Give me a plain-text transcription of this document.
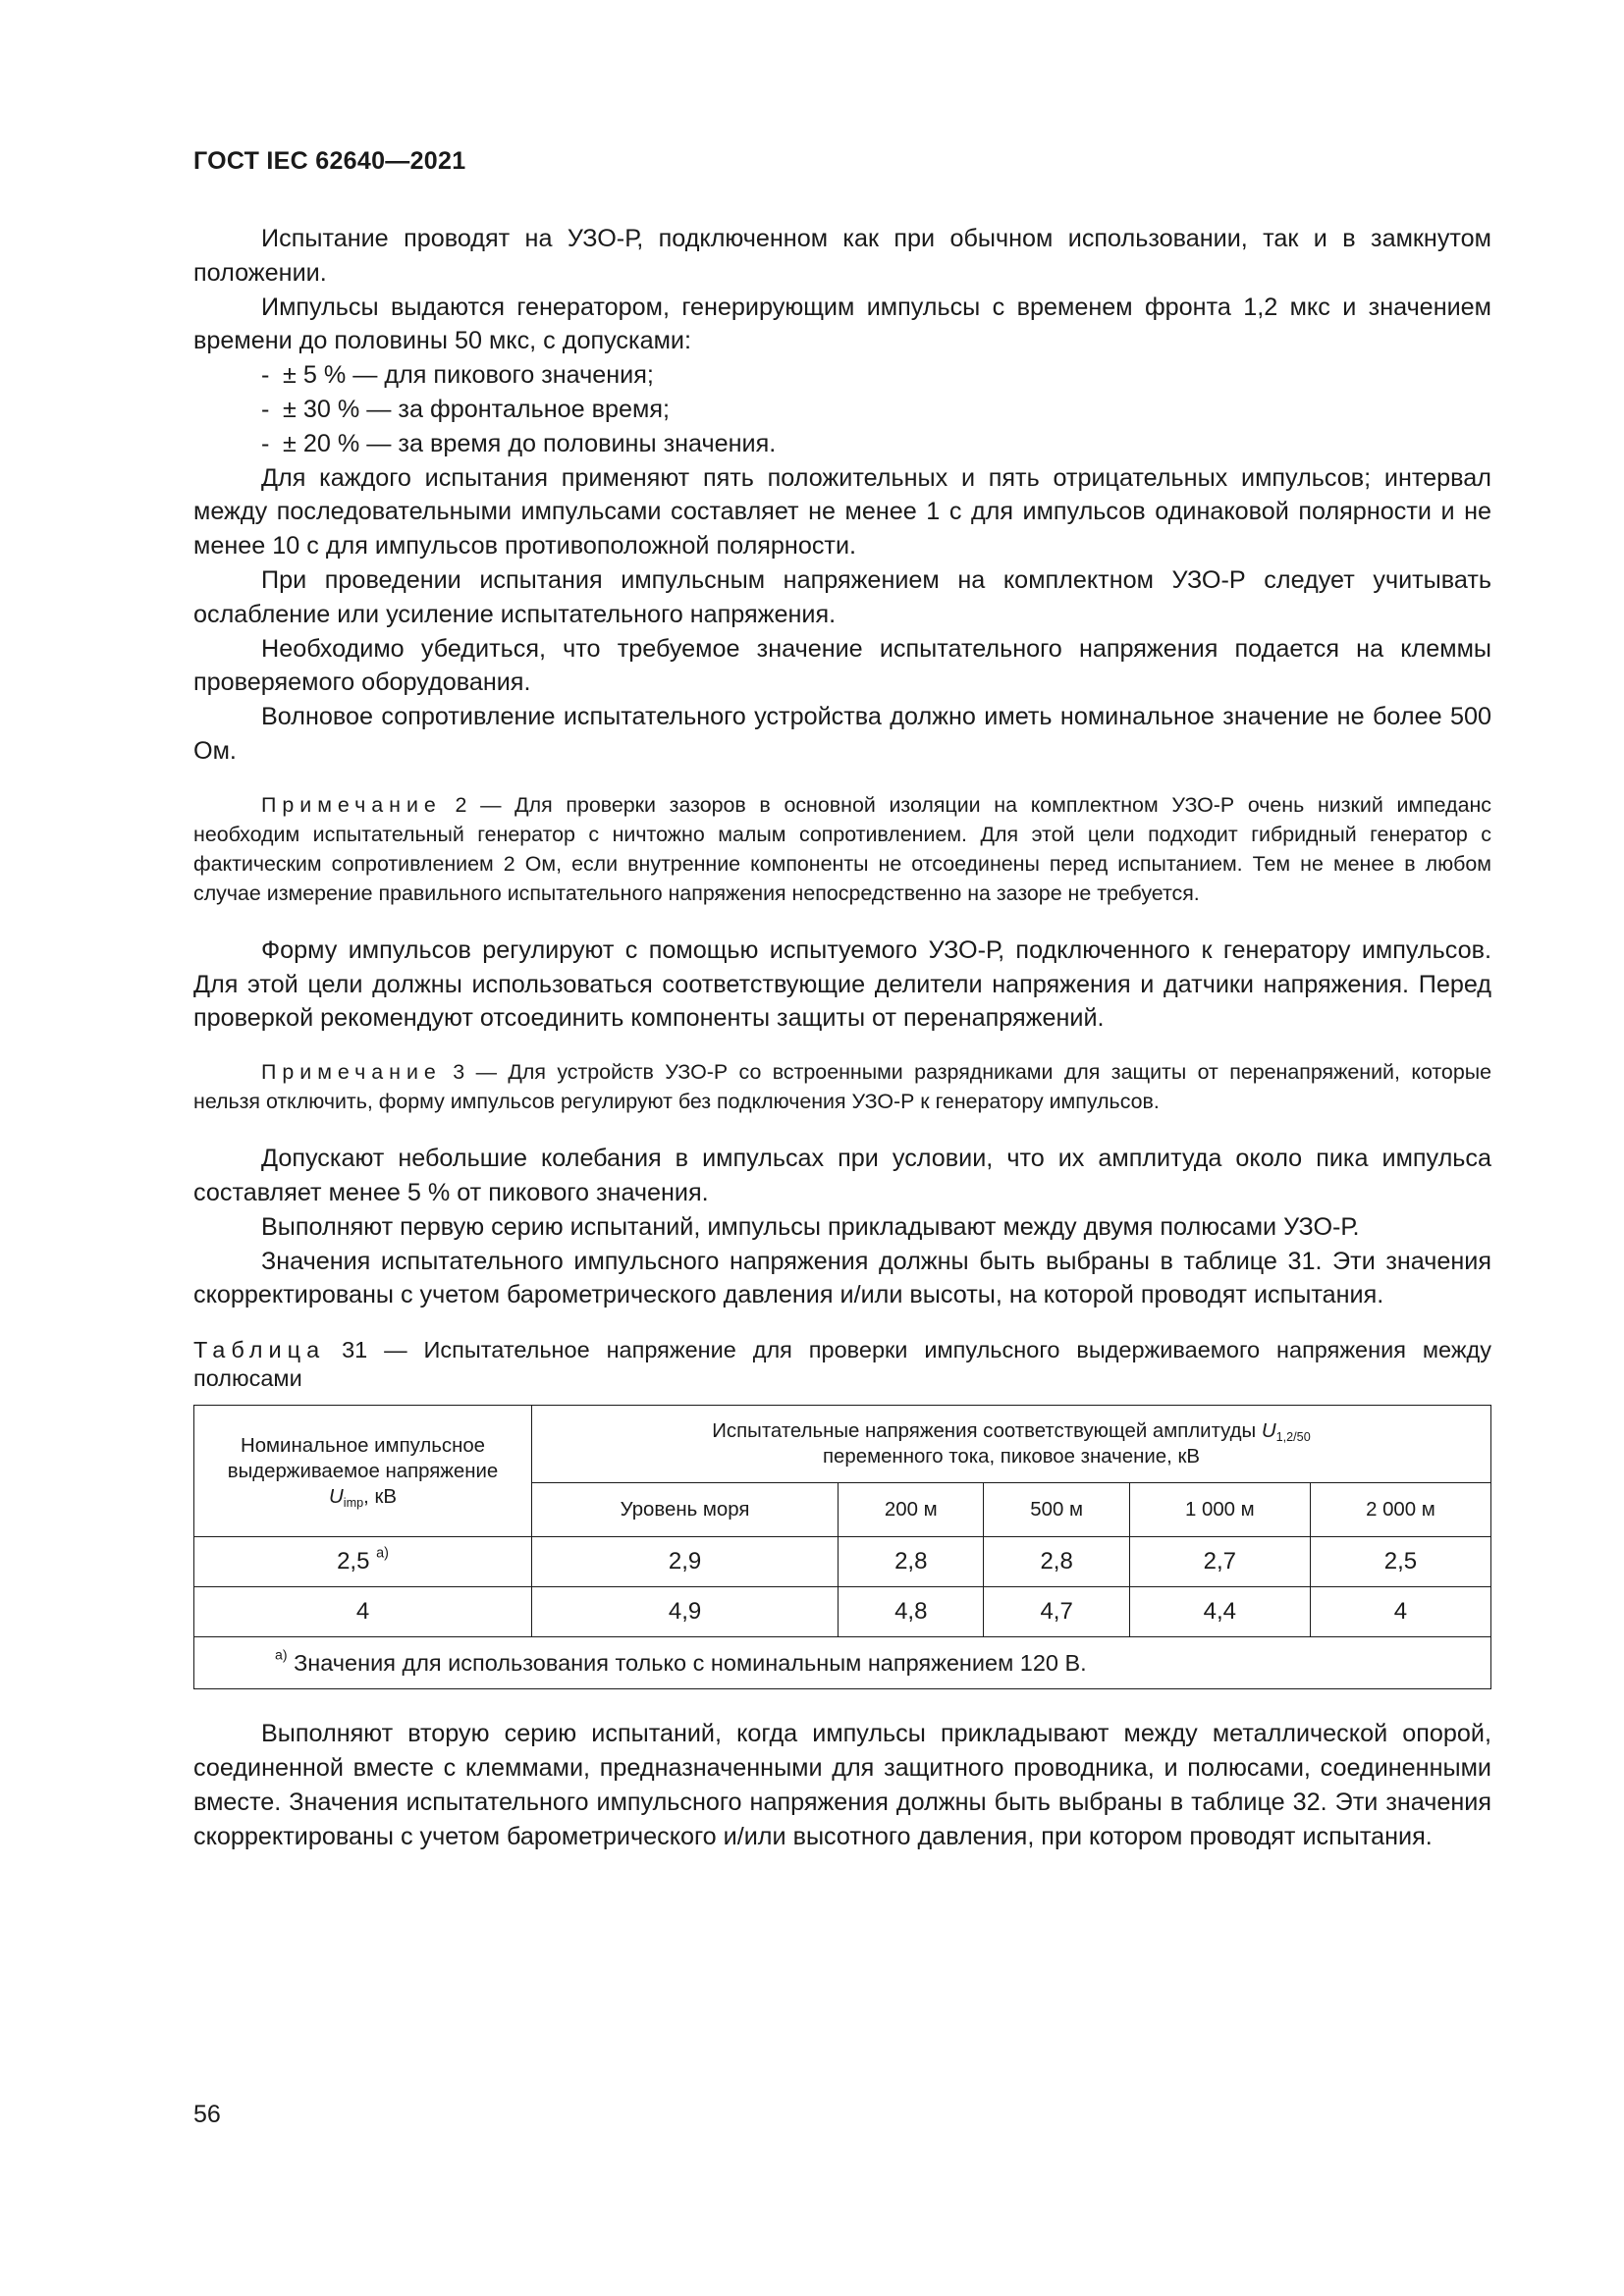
ГОСТ IEC 62640—2021

Испытание проводят на УЗО-Р, подключенном как при обычном использовании, так и в замкнутом положении.

Импульсы выдаются генератором, генерирующим импульсы с временем фронта 1,2 мкс и значением времени до половины 50 мкс, с допусками:

- ± 5 % — для пикового значения;

- ± 30 % — за фронтальное время;

- ± 20 % — за время до половины значения.

Для каждого испытания применяют пять положительных и пять отрицательных импульсов; интервал между последовательными импульсами составляет не менее 1 с для импульсов одинаковой полярности и не менее 10 с для импульсов противоположной полярности.

При проведении испытания импульсным напряжением на комплектном УЗО-Р следует учитывать ослабление или усиление испытательного напряжения.

Необходимо убедиться, что требуемое значение испытательного напряжения подается на клеммы проверяемого оборудования.

Волновое сопротивление испытательного устройства должно иметь номинальное значение не более 500 Ом.

Примечание 2 — Для проверки зазоров в основной изоляции на комплектном УЗО-Р очень низкий импеданс необходим испытательный генератор с ничтожно малым сопротивлением. Для этой цели подходит гибридный генератор с фактическим сопротивлением 2 Ом, если внутренние компоненты не отсоединены перед испытанием. Тем не менее в любом случае измерение правильного испытательного напряжения непосредственно на зазоре не требуется.

Форму импульсов регулируют с помощью испытуемого УЗО-Р, подключенного к генератору импульсов. Для этой цели должны использоваться соответствующие делители напряжения и датчики напряжения. Перед проверкой рекомендуют отсоединить компоненты защиты от перенапряжений.

Примечание 3 — Для устройств УЗО-Р со встроенными разрядниками для защиты от перенапряжений, которые нельзя отключить, форму импульсов регулируют без подключения УЗО-Р к генератору импульсов.

Допускают небольшие колебания в импульсах при условии, что их амплитуда около пика импульса составляет менее 5 % от пикового значения.

Выполняют первую серию испытаний, импульсы прикладывают между двумя полюсами УЗО-Р.

Значения испытательного импульсного напряжения должны быть выбраны в таблице 31. Эти значения скорректированы с учетом барометрического давления и/или высоты, на которой проводят испытания.

Таблица 31 — Испытательное напряжение для проверки импульсного выдерживаемого напряжения между полюсами

Номинальное импульсное выдерживаемое напряжение
$U_{imp}$, кВ	Испытательные напряжения соответствующей амплитуды $U_{1,2/50}$
переменного тока, пиковое значение, кВ				
	Уровень моря	200 м	500 м	1 000 м	2 000 м
2,5 $^{а)}$	2,9	2,8	2,8	2,7	2,5
4	4,9	4,8	4,7	4,4	4
$^{а)}$ Значения для использования только с номинальным напряжением 120 В.					

Выполняют вторую серию испытаний, когда импульсы прикладывают между металлической опорой, соединенной вместе с клеммами, предназначенными для защитного проводника, и полюсами, соединенными вместе. Значения испытательного импульсного напряжения должны быть выбраны в таблице 32. Эти значения скорректированы с учетом барометрического и/или высотного давления, при котором проводят испытания.

56
